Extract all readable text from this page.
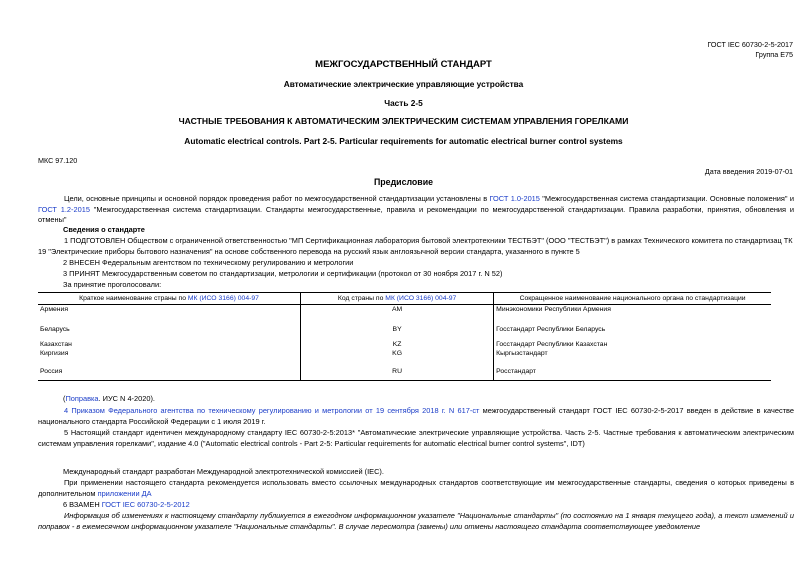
ГОСТ IEC 60730-2-5-2017
Группа Е75
МЕЖГОСУДАРСТВЕННЫЙ СТАНДАРТ
Автоматические электрические управляющие устройства
Часть 2-5
ЧАСТНЫЕ ТРЕБОВАНИЯ К АВТОМАТИЧЕСКИМ ЭЛЕКТРИЧЕСКИМ СИСТЕМАМ УПРАВЛЕНИЯ ГОРЕЛКАМИ
Automatic electrical controls. Part 2-5. Particular requirements for automatic electrical burner control systems
МКС 97.120
Дата введения 2019-07-01
Предисловие
Цели, основные принципы и основной порядок проведения работ по межгосударственной стандартизации установлены в ГОСТ 1.0-2015 "Межгосударственная система стандартизации. Основные положения" и ГОСТ 1.2-2015 "Межгосударственная система стандартизации. Стандарты межгосударственные, правила и рекомендации по межгосударственной стандартизации. Правила разработки, принятия, обновления и отмены"
Сведения о стандарте
1 ПОДГОТОВЛЕН Обществом с ограниченной ответственностью "МП Сертификационная лаборатория бытовой электротехники ТЕСТБЭТ" (ООО "ТЕСТБЭТ") в рамках Технического комитета по стандартизац ТК 19 "Электрические приборы бытового назначения" на основе собственного перевода на русский язык англоязычной версии стандарта, указанного в пункте 5
2 ВНЕСЕН Федеральным агентством по техническому регулированию и метрологии
3 ПРИНЯТ Межгосударственным советом по стандартизации, метрологии и сертификации (протокол от 30 ноября 2017 г. N 52)
За принятие проголосовали:
Краткое наименование страны по МК (ИСО 3166) 004-97	Код страны по МК (ИСО 3166) 004-97	Сокращенное наименование национального органа по стандартизации
Армения	AM	Минэкономики Республики Армения
Беларусь	BY	Госстандарт Республики Беларусь
Казахстан	KZ	Госстандарт Республики Казахстан
Киргизия	KG	Кыргызстандарт
Россия	RU	Росстандарт
(Поправка. ИУС N 4-2020).
4 Приказом Федерального агентства по техническому регулированию и метрологии от 19 сентября 2018 г. N 617-ст межгосударственный стандарт ГОСТ IEC 60730-2-5-2017 введен в действие в качестве национального стандарта Российской Федерации с 1 июля 2019 г.
5 Настоящий стандарт идентичен международному стандарту IEC 60730-2-5:2013* "Автоматические электрические управляющие устройства. Часть 2-5. Частные требования к автоматическим электрическим системам управления горелками", издание 4.0 ("Automatic electrical controls - Part 2-5: Particular requirements for automatic electrical burner control systems", IDT)
Международный стандарт разработан Международной электротехнической комиссией (IEC).
При применении настоящего стандарта рекомендуется использовать вместо ссылочных международных стандартов соответствующие им межгосударственные стандарты, сведения о которых приведены в дополнительном приложении ДА
6 ВЗАМЕН ГОСТ IEC 60730-2-5-2012
Информация об изменениях к настоящему стандарту публикуется в ежегодном информационном указателе "Национальные стандарты" (по состоянию на 1 января текущего года), а текст изменений и поправок - в ежемесячном информационном указателе "Национальные стандарты". В случае пересмотра (замены) или отмены настоящего стандарта соответствующее уведомление
